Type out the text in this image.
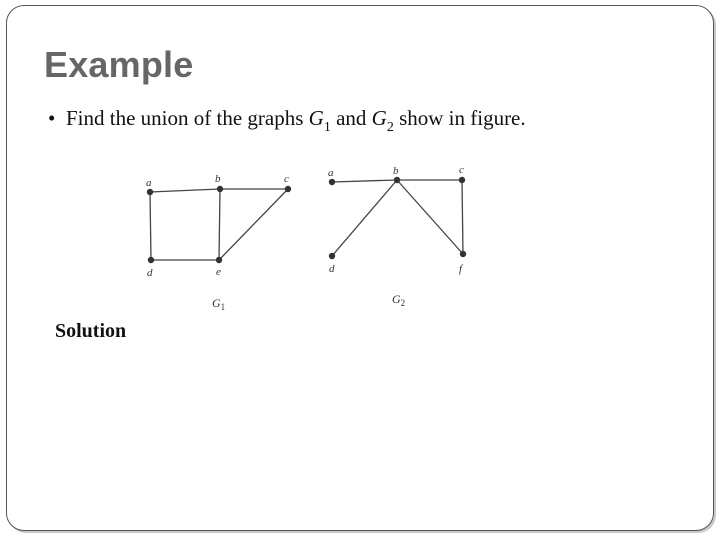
Example
• Find the union of the graphs $G_1$ and $G_2$ show in figure.
a	b	c
d	e
$G_1$
a	b	c
d	f
$G_2$
Solution
